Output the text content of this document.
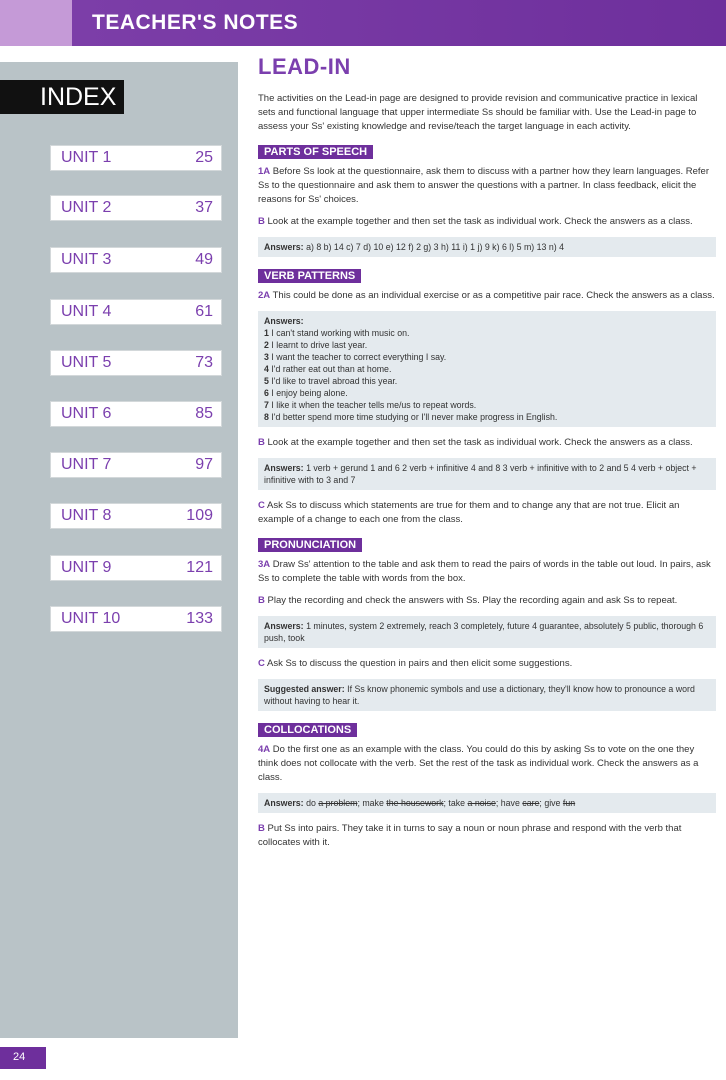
TEACHER'S NOTES
INDEX
UNIT 1	25
UNIT 2	37
UNIT 3	49
UNIT 4	61
UNIT 5	73
UNIT 6	85
UNIT 7	97
UNIT 8	109
UNIT 9	121
UNIT 10	133
24
LEAD-IN

The activities on the Lead-in page are designed to provide revision and communicative practice in lexical sets and functional language that upper intermediate Ss should be familiar with. Use the Lead-in page to assess your Ss' existing knowledge and revise/teach the target language in each activity.

PARTS OF SPEECH

1A Before Ss look at the questionnaire, ask them to discuss with a partner how they learn languages. Refer Ss to the questionnaire and ask them to answer the questions with a partner. In class feedback, elicit the reasons for Ss' choices.

B Look at the example together and then set the task as individual work. Check the answers as a class.

Answers: a) 8 b) 14 c) 7 d) 10 e) 12 f) 2 g) 3 h) 11 i) 1 j) 9 k) 6 l) 5 m) 13 n) 4
VERB PATTERNS

2A This could be done as an individual exercise or as a competitive pair race. Check the answers as a class.

Answers:
1 I can't stand working with music on.
2 I learnt to drive last year.
3 I want the teacher to correct everything I say.
4 I'd rather eat out than at home.
5 I'd like to travel abroad this year.
6 I enjoy being alone.
7 I like it when the teacher tells me/us to repeat words.
8 I'd better spend more time studying or I'll never make progress in English.

B Look at the example together and then set the task as individual work. Check the answers as a class.

Answers: 1 verb + gerund 1 and 6 2 verb + infinitive 4 and 8 3 verb + infinitive with to 2 and 5 4 verb + object + infinitive with to 3 and 7

C Ask Ss to discuss which statements are true for them and to change any that are not true. Elicit an example of a change to each one from the class.

PRONUNCIATION

3A Draw Ss' attention to the table and ask them to read the pairs of words in the table out loud. In pairs, ask Ss to complete the table with words from the box.

B Play the recording and check the answers with Ss. Play the recording again and ask Ss to repeat.

Answers: 1 minutes, system 2 extremely, reach 3 completely, future 4 guarantee, absolutely 5 public, thorough 6 push, took

C Ask Ss to discuss the question in pairs and then elicit some suggestions.

Suggested answer: If Ss know phonemic symbols and use a dictionary, they'll know how to pronounce a word without having to hear it.
COLLOCATIONS

4A Do the first one as an example with the class. You could do this by asking Ss to vote on the one they think does not collocate with the verb. Set the rest of the task as individual work. Check the answers as a class.

Answers: do a problem; make the housework; take a noise; have care; give fun

B Put Ss into pairs. They take it in turns to say a noun or noun phrase and respond with the verb that collocates with it.
